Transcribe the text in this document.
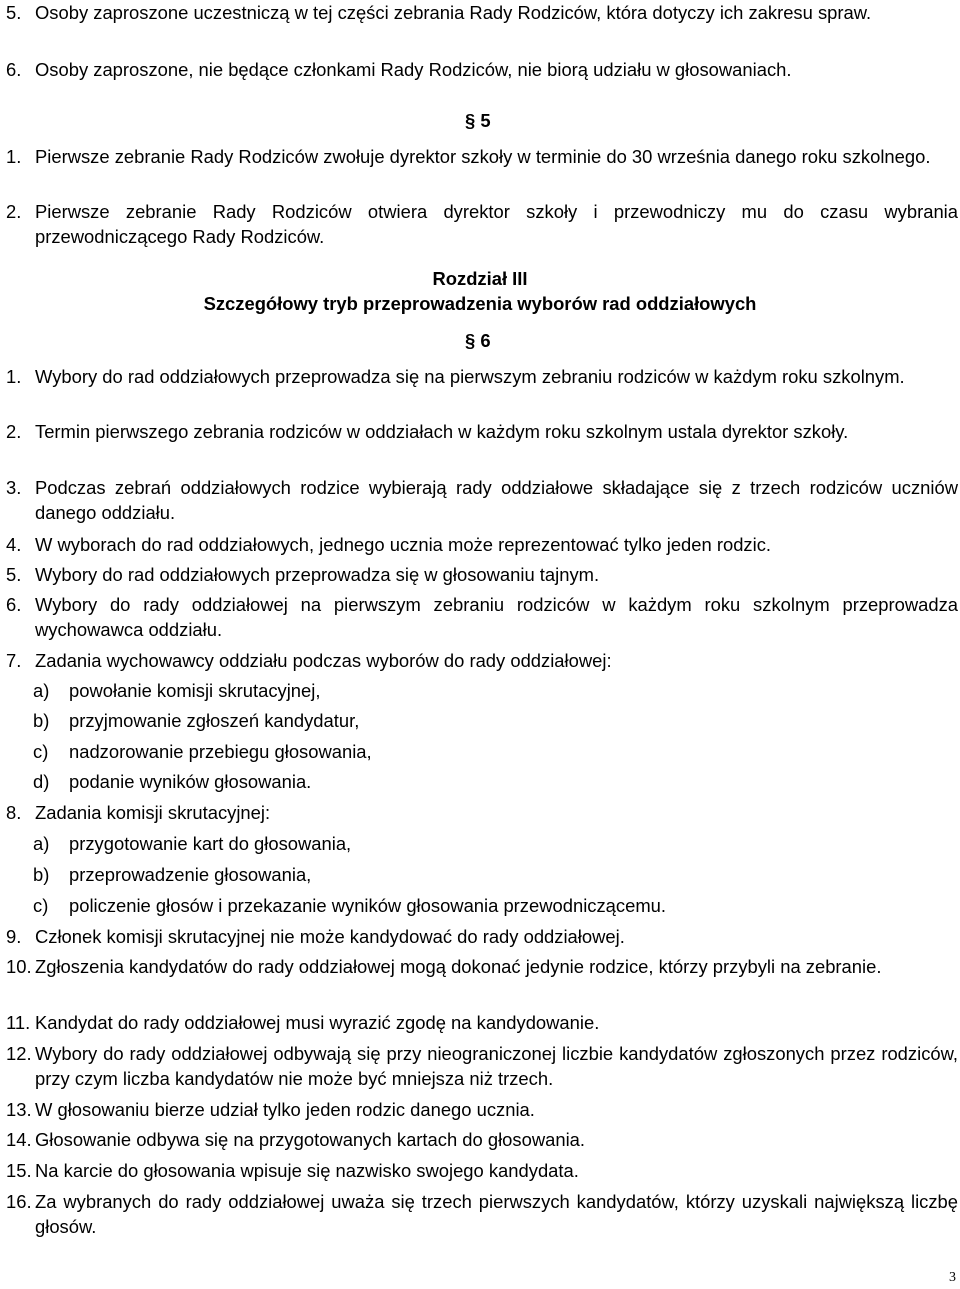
5. Osoby zaproszone uczestniczą w tej części zebrania Rady Rodziców, która dotyczy ich zakresu spraw.
6. Osoby zaproszone, nie będące członkami Rady Rodziców, nie biorą udziału w głosowaniach.
§ 5
1. Pierwsze zebranie Rady Rodziców zwołuje dyrektor szkoły w terminie do 30 września danego roku szkolnego.
2. Pierwsze zebranie Rady Rodziców otwiera dyrektor szkoły i przewodniczy mu do czasu wybrania przewodniczącego Rady Rodziców.
Rozdział III
Szczegółowy tryb przeprowadzenia wyborów rad oddziałowych
§ 6
1. Wybory do rad oddziałowych przeprowadza się na pierwszym zebraniu rodziców w każdym roku szkolnym.
2. Termin pierwszego zebrania rodziców w oddziałach w każdym roku szkolnym ustala dyrektor szkoły.
3. Podczas zebrań oddziałowych rodzice wybierają rady oddziałowe składające się z trzech rodziców uczniów danego oddziału.
4. W wyborach do rad oddziałowych, jednego ucznia może reprezentować tylko jeden rodzic.
5. Wybory do rad oddziałowych przeprowadza się w głosowaniu tajnym.
6. Wybory do rady oddziałowej na pierwszym zebraniu rodziców w każdym roku szkolnym przeprowadza wychowawca oddziału.
7. Zadania wychowawcy oddziału podczas wyborów do rady oddziałowej:
a)	powołanie komisji skrutacyjnej,
b)	przyjmowanie zgłoszeń kandydatur,
c)	nadzorowanie przebiegu głosowania,
d)	podanie wyników głosowania.
8. Zadania komisji skrutacyjnej:
a)	przygotowanie kart do głosowania,
b)	przeprowadzenie głosowania,
c)	policzenie głosów i przekazanie wyników głosowania przewodniczącemu.
9. Członek komisji skrutacyjnej nie może kandydować do rady oddziałowej.
10. Zgłoszenia kandydatów do rady oddziałowej mogą dokonać jedynie rodzice, którzy przybyli na zebranie.
11. Kandydat do rady oddziałowej musi wyrazić zgodę na kandydowanie.
12. Wybory do rady oddziałowej odbywają się przy nieograniczonej liczbie kandydatów zgłoszonych przez rodziców, przy czym liczba kandydatów nie może być mniejsza niż trzech.
13. W głosowaniu bierze udział tylko jeden rodzic danego ucznia.
14. Głosowanie odbywa się na przygotowanych kartach do głosowania.
15. Na karcie do głosowania wpisuje się nazwisko swojego kandydata.
16. Za wybranych do rady oddziałowej uważa się trzech pierwszych kandydatów, którzy uzyskali największą liczbę głosów.
3
